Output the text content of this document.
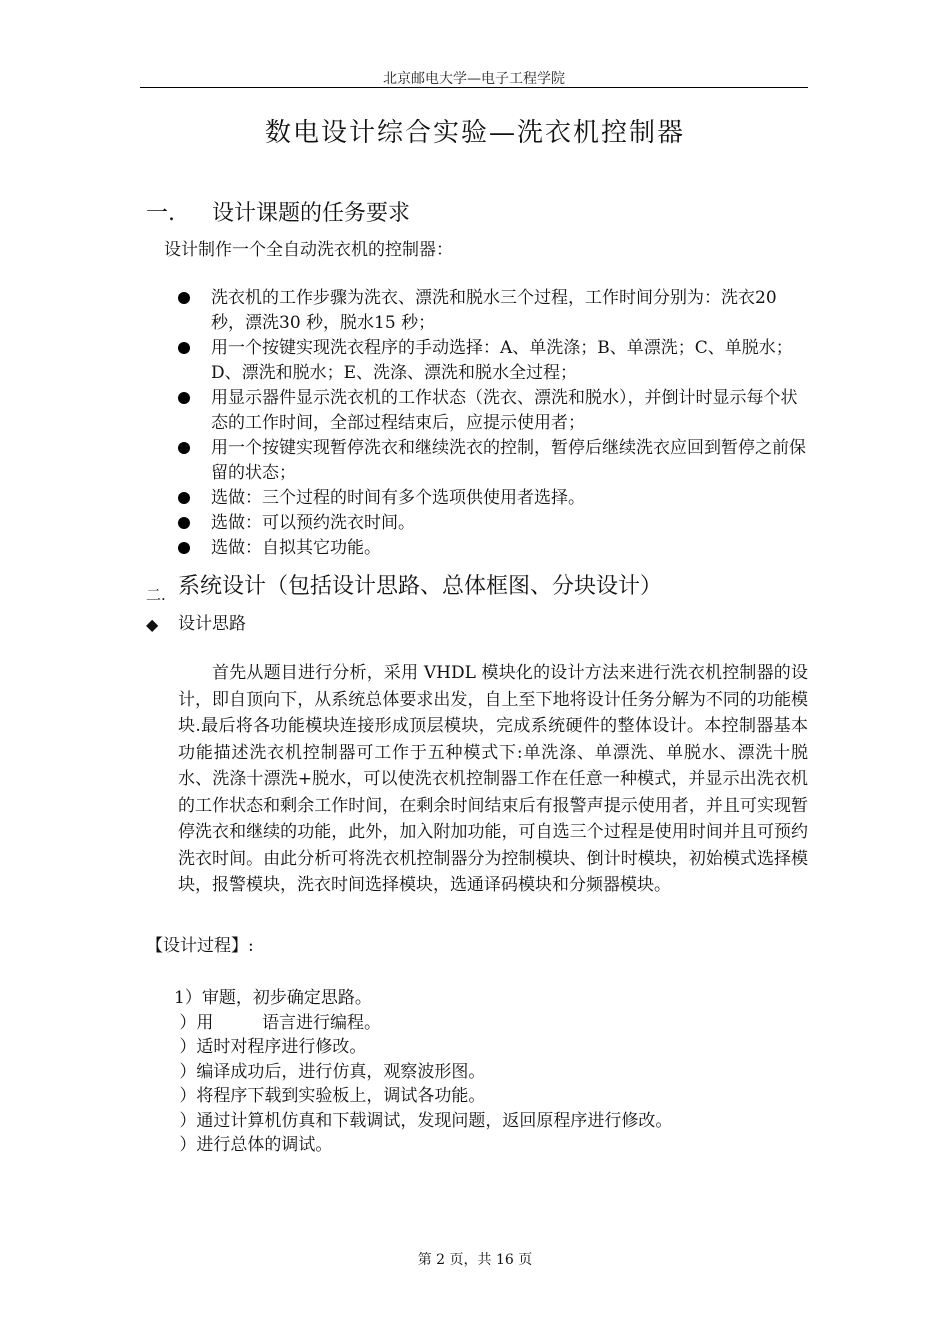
北京邮电大学—电子工程学院
数电设计综合实验—洗衣机控制器
一. 设计课题的任务要求
设计制作一个全自动洗衣机的控制器：
洗衣机的工作步骤为洗衣、漂洗和脱水三个过程，工作时间分别为：洗衣20秒，漂洗30 秒，脱水15 秒；
用一个按键实现洗衣程序的手动选择：A、单洗涤；B、单漂洗；C、单脱水；D、漂洗和脱水；E、洗涤、漂洗和脱水全过程；
用显示器件显示洗衣机的工作状态（洗衣、漂洗和脱水），并倒计时显示每个状态的工作时间，全部过程结束后，应提示使用者；
用一个按键实现暂停洗衣和继续洗衣的控制，暂停后继续洗衣应回到暂停之前保留的状态；
选做：三个过程的时间有多个选项供使用者选择。
选做：可以预约洗衣时间。
选做：自拟其它功能。
二. 系统设计（包括设计思路、总体框图、分块设计）
◆ 设计思路
首先从题目进行分析，采用 VHDL 模块化的设计方法来进行洗衣机控制器的设计，即自顶向下，从系统总体要求出发，自上至下地将设计任务分解为不同的功能模块.最后将各功能模块连接形成顶层模块，完成系统硬件的整体设计。本控制器基本功能描述洗衣机控制器可工作于五种模式下:单洗涤、单漂洗、单脱水、漂洗十脱水、洗涤十漂洗+脱水，可以使洗衣机控制器工作在任意一种模式，并显示出洗衣机的工作状态和剩余工作时间，在剩余时间结束后有报警声提示使用者，并且可实现暂停洗衣和继续的功能，此外，加入附加功能，可自选三个过程是使用时间并且可预约洗衣时间。由此分析可将洗衣机控制器分为控制模块、倒计时模块，初始模式选择模块，报警模块，洗衣时间选择模块，选通译码模块和分频器模块。
【设计过程】:
1）审题，初步确定思路。
）用         语言进行编程。
）适时对程序进行修改。
）编译成功后，进行仿真，观察波形图。
）将程序下载到实验板上，调试各功能。
）通过计算机仿真和下载调试，发现问题，返回原程序进行修改。
）进行总体的调试。
第 2 页，共 16 页
